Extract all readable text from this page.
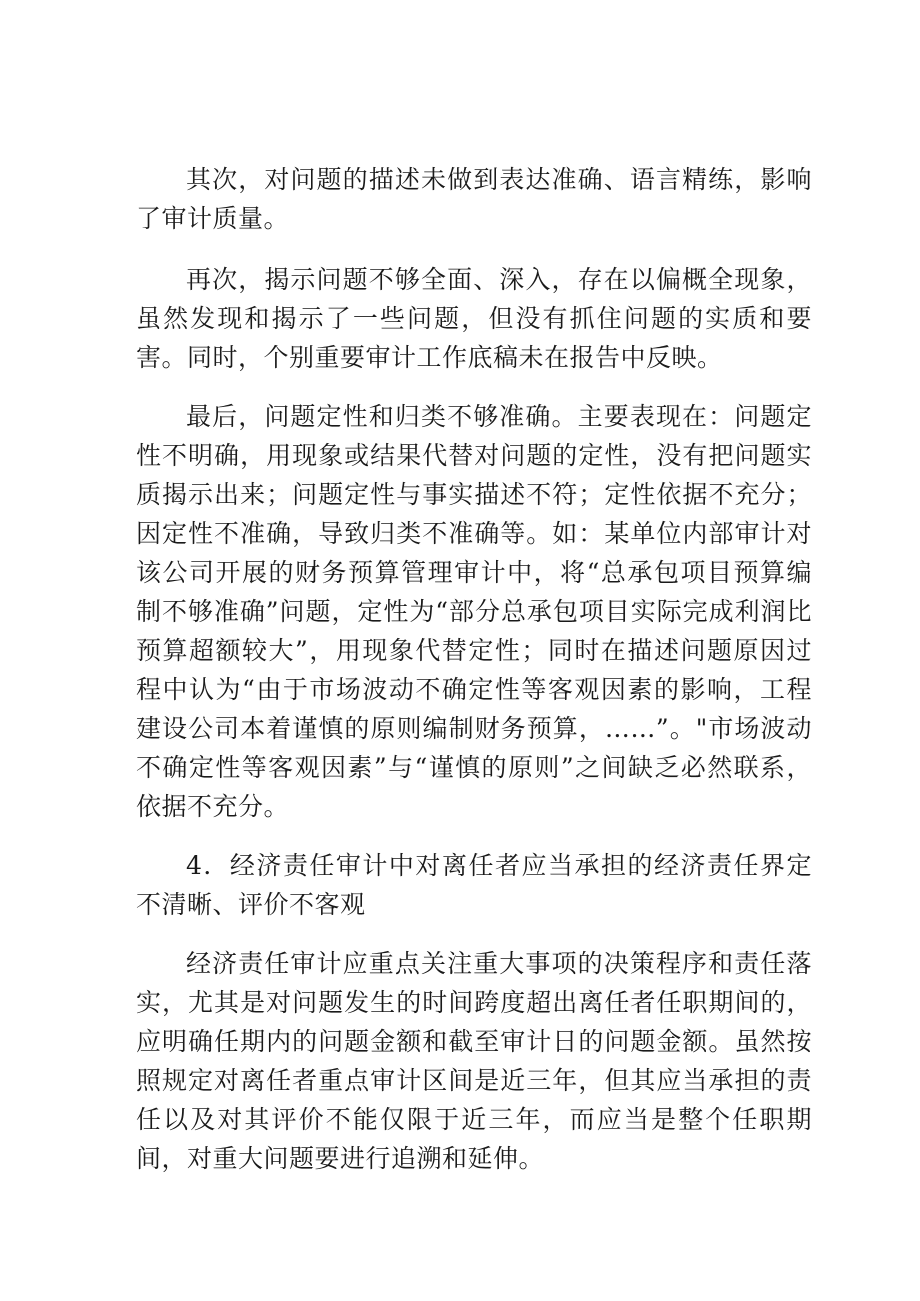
其次，对问题的描述未做到表达准确、语言精练，影响了审计质量。

再次，揭示问题不够全面、深入，存在以偏概全现象，虽然发现和揭示了一些问题，但没有抓住问题的实质和要害。同时，个别重要审计工作底稿未在报告中反映。

最后，问题定性和归类不够准确。主要表现在：问题定性不明确，用现象或结果代替对问题的定性，没有把问题实质揭示出来；问题定性与事实描述不符；定性依据不充分；因定性不准确，导致归类不准确等。如：某单位内部审计对该公司开展的财务预算管理审计中，将“总承包项目预算编制不够准确”问题，定性为“部分总承包项目实际完成利润比预算超额较大”，用现象代替定性；同时在描述问题原因过程中认为“由于市场波动不确定性等客观因素的影响，工程建设公司本着谨慎的原则编制财务预算，……”。"市场波动不确定性等客观因素”与“谨慎的原则”之间缺乏必然联系，依据不充分。

4．经济责任审计中对离任者应当承担的经济责任界定不清晰、评价不客观

经济责任审计应重点关注重大事项的决策程序和责任落实，尤其是对问题发生的时间跨度超出离任者任职期间的，应明确任期内的问题金额和截至审计日的问题金额。虽然按照规定对离任者重点审计区间是近三年，但其应当承担的责任以及对其评价不能仅限于近三年，而应当是整个任职期间，对重大问题要进行追溯和延伸。
